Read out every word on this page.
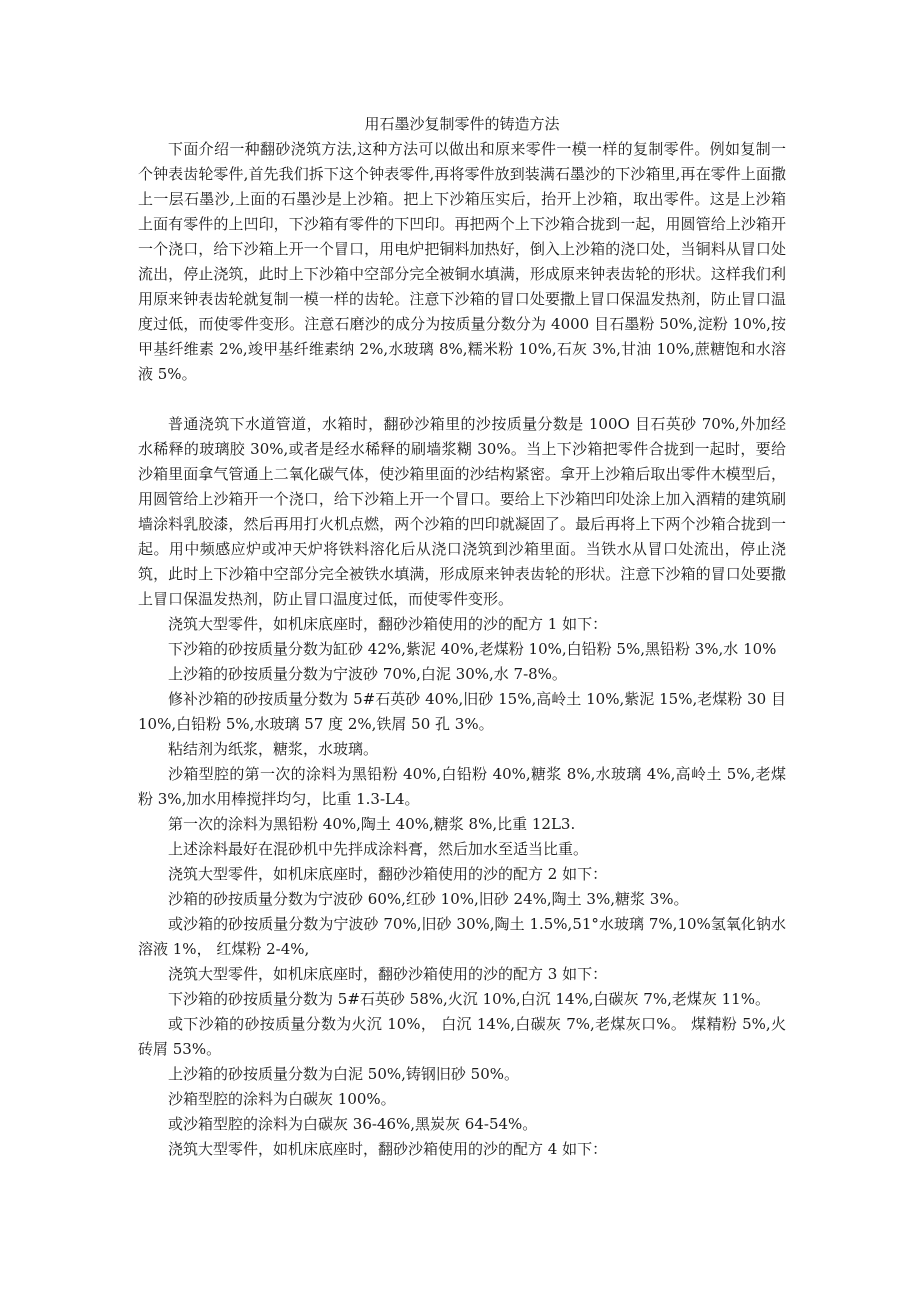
用石墨沙复制零件的铸造方法

下面介绍一种翻砂浇筑方法,这种方法可以做出和原来零件一模一样的复制零件。例如复制一个钟表齿轮零件,首先我们拆下这个钟表零件,再将零件放到装满石墨沙的下沙箱里,再在零件上面撒上一层石墨沙,上面的石墨沙是上沙箱。把上下沙箱压实后，抬开上沙箱，取出零件。这是上沙箱上面有零件的上凹印，下沙箱有零件的下凹印。再把两个上下沙箱合拢到一起，用圆管给上沙箱开一个浇口，给下沙箱上开一个冒口，用电炉把铜料加热好，倒入上沙箱的浇口处，当铜料从冒口处流出，停止浇筑，此时上下沙箱中空部分完全被铜水填满，形成原来钟表齿轮的形状。这样我们利用原来钟表齿轮就复制一模一样的齿轮。注意下沙箱的冒口处要撒上冒口保温发热剂，防止冒口温度过低，而使零件变形。注意石磨沙的成分为按质量分数分为 4000 目石墨粉 50%,淀粉 10%,按甲基纤维素 2%,竣甲基纤维素纳 2%,水玻璃 8%,糯米粉 10%,石灰 3%,甘油 10%,蔗糖饱和水溶液 5%。

普通浇筑下水道管道，水箱时，翻砂沙箱里的沙按质量分数是 100O 目石英砂 70%,外加经水稀释的玻璃胶 30%,或者是经水稀释的刷墙浆糊 30%。当上下沙箱把零件合拢到一起时，要给沙箱里面拿气管通上二氧化碳气体，使沙箱里面的沙结构紧密。拿开上沙箱后取出零件木模型后，用圆管给上沙箱开一个浇口，给下沙箱上开一个冒口。要给上下沙箱凹印处涂上加入酒精的建筑刷墙涂料乳胶漆，然后再用打火机点燃，两个沙箱的凹印就凝固了。最后再将上下两个沙箱合拢到一起。用中频感应炉或冲天炉将铁料溶化后从浇口浇筑到沙箱里面。当铁水从冒口处流出，停止浇筑，此时上下沙箱中空部分完全被铁水填满，形成原来钟表齿轮的形状。注意下沙箱的冒口处要撒上冒口保温发热剂，防止冒口温度过低，而使零件变形。

浇筑大型零件，如机床底座时，翻砂沙箱使用的沙的配方 1 如下：

下沙箱的砂按质量分数为缸砂 42%,紫泥 40%,老煤粉 10%,白铅粉 5%,黑铅粉 3%,水 10%

上沙箱的砂按质量分数为宁波砂 70%,白泥 30%,水 7-8%。

修补沙箱的砂按质量分数为 5#石英砂 40%,旧砂 15%,高岭土 10%,紫泥 15%,老煤粉 30 目 10%,白铅粉 5%,水玻璃 57 度 2%,铁屑 50 孔 3%。

粘结剂为纸浆，糖浆，水玻璃。

沙箱型腔的第一次的涂料为黑铅粉 40%,白铅粉 40%,糖浆 8%,水玻璃 4%,高岭土 5%,老煤粉 3%,加水用棒搅拌均匀，比重 1.3-L4。

第一次的涂料为黑铅粉 40%,陶土 40%,糖浆 8%,比重 12L3.

上述涂料最好在混砂机中先拌成涂料膏，然后加水至适当比重。

浇筑大型零件，如机床底座时，翻砂沙箱使用的沙的配方 2 如下：

沙箱的砂按质量分数为宁波砂 60%,红砂 10%,旧砂 24%,陶土 3%,糖浆 3%。

或沙箱的砂按质量分数为宁波砂 70%,旧砂 30%,陶土 1.5%,51°水玻璃 7%,10%氢氧化钠水溶液 1%， 红煤粉 2-4%,

浇筑大型零件，如机床底座时，翻砂沙箱使用的沙的配方 3 如下：

下沙箱的砂按质量分数为 5#石英砂 58%,火沉 10%,白沉 14%,白碳灰 7%,老煤灰 11%。

或下沙箱的砂按质量分数为火沉 10%， 白沉 14%,白碳灰 7%,老煤灰口%。 煤精粉 5%,火砖屑 53%。

上沙箱的砂按质量分数为白泥 50%,铸钢旧砂 50%。

沙箱型腔的涂料为白碳灰 100%。

或沙箱型腔的涂料为白碳灰 36-46%,黑炭灰 64-54%。

浇筑大型零件，如机床底座时，翻砂沙箱使用的沙的配方 4 如下：
